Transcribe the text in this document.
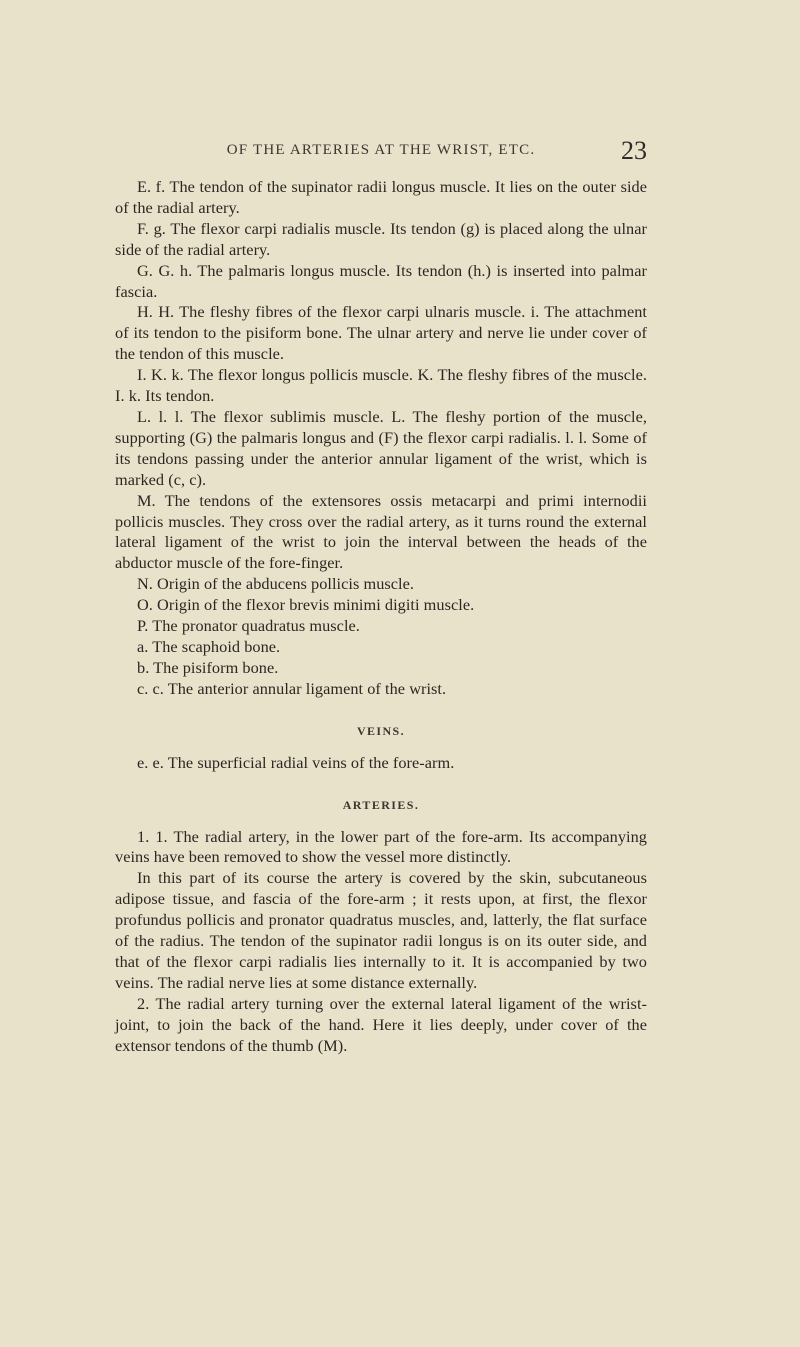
OF THE ARTERIES AT THE WRIST, ETC.	23

E. f. The tendon of the supinator radii longus muscle. It lies on the outer side of the radial artery.

F. g. The flexor carpi radialis muscle. Its tendon (g) is placed along the ulnar side of the radial artery.

G. G. h. The palmaris longus muscle. Its tendon (h.) is inserted into palmar fascia.

H. H. The fleshy fibres of the flexor carpi ulnaris muscle. i. The attachment of its tendon to the pisiform bone. The ulnar artery and nerve lie under cover of the tendon of this muscle.

I. K. k. The flexor longus pollicis muscle. K. The fleshy fibres of the muscle. I. k. Its tendon.

L. l. l. The flexor sublimis muscle. L. The fleshy portion of the muscle, supporting (G) the palmaris longus and (F) the flexor carpi radialis. l. l. Some of its tendons passing under the anterior annular ligament of the wrist, which is marked (c, c).

M. The tendons of the extensores ossis metacarpi and primi internodii pollicis muscles. They cross over the radial artery, as it turns round the external lateral ligament of the wrist to join the interval between the heads of the abductor muscle of the fore-finger.

N. Origin of the abducens pollicis muscle.

O. Origin of the flexor brevis minimi digiti muscle.

P. The pronator quadratus muscle.

a. The scaphoid bone.

b. The pisiform bone.

c. c. The anterior annular ligament of the wrist.

VEINS.

e. e. The superficial radial veins of the fore-arm.

ARTERIES.

1. 1. The radial artery, in the lower part of the fore-arm. Its accompanying veins have been removed to show the vessel more distinctly.

In this part of its course the artery is covered by the skin, subcutaneous adipose tissue, and fascia of the fore-arm ; it rests upon, at first, the flexor profundus pollicis and pronator quadratus muscles, and, latterly, the flat surface of the radius. The tendon of the supinator radii longus is on its outer side, and that of the flexor carpi radialis lies internally to it. It is accompanied by two veins. The radial nerve lies at some distance externally.

2. The radial artery turning over the external lateral ligament of the wrist-joint, to join the back of the hand. Here it lies deeply, under cover of the extensor tendons of the thumb (M).
